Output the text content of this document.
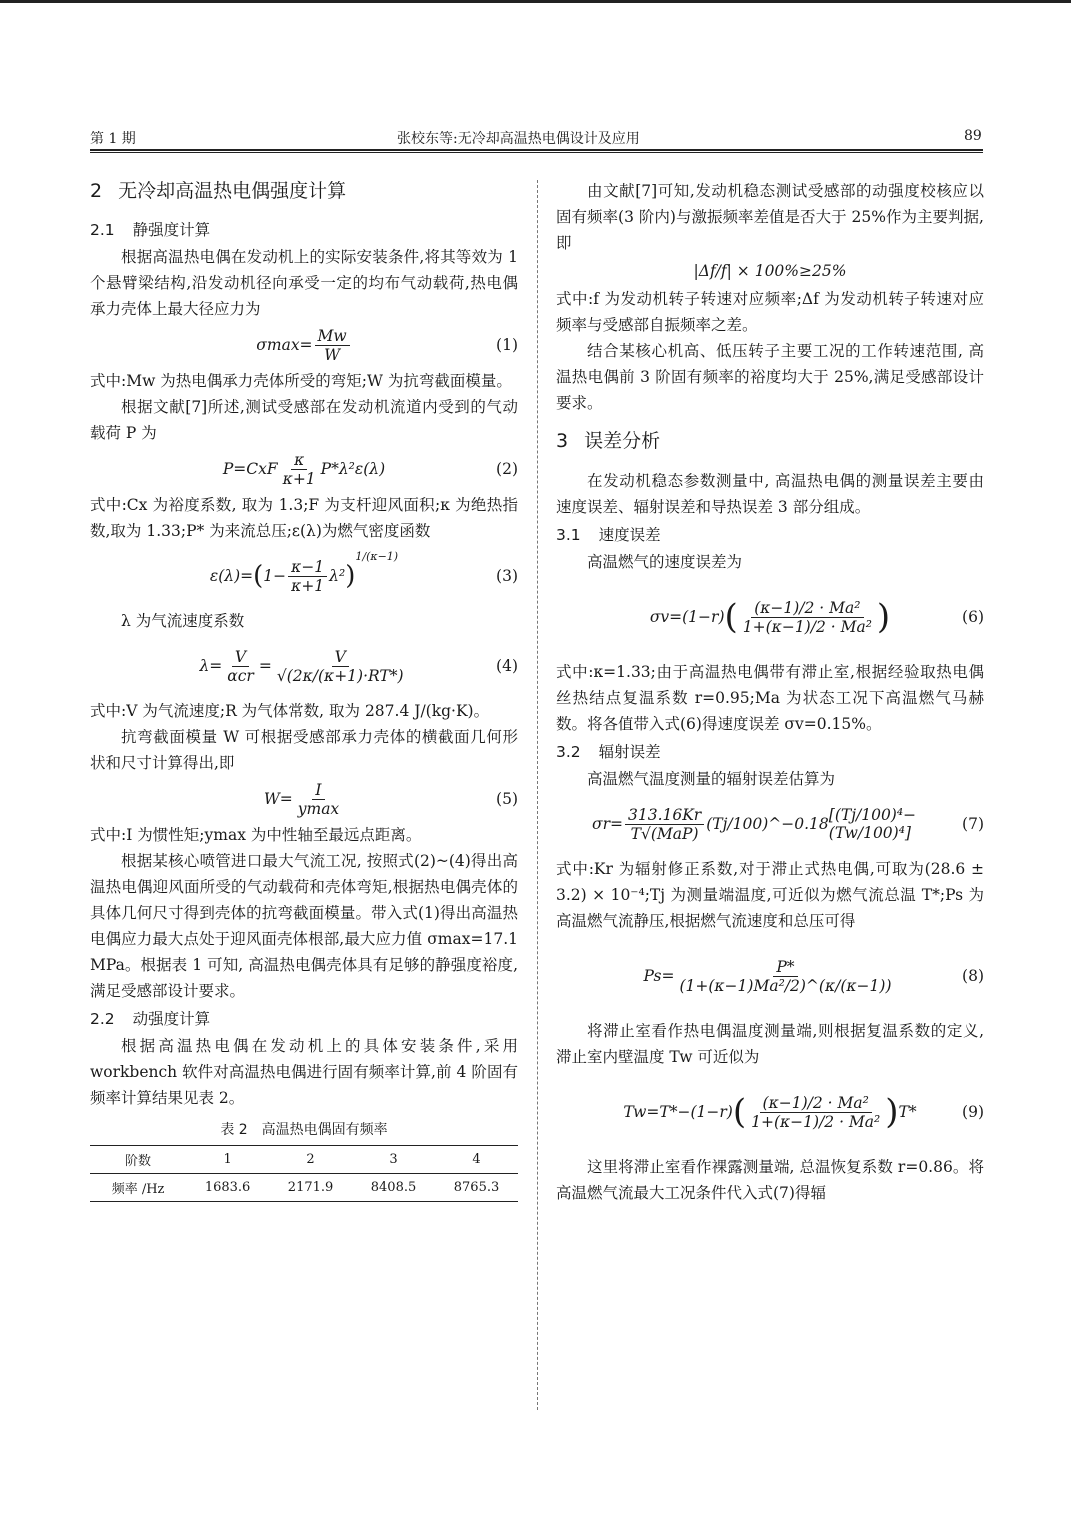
第 1 期	张校东等:无冷却高温热电偶设计及应用	89
2 无冷却高温热电偶强度计算
2.1 静强度计算

根据高温热电偶在发动机上的实际安装条件,将其等效为 1 个悬臂梁结构,沿发动机径向承受一定的均布气动载荷,热电偶承力壳体上最大径应力为

$\sigma\max= \frac{Mw}{W}$	(1)

式中:Mw 为热电偶承力壳体所受的弯矩;W 为抗弯截面模量。

根据文献[7]所述,测试受感部在发动机流道内受到的气动载荷 P 为

$P=CxF \frac{\kappa}{\kappa+1} P*\lambda^2\varepsilon(\lambda)$	(2)

式中:Cx 为裕度系数, 取为 1.3;F 为支杆迎风面积;κ 为绝热指数,取为 1.33;P* 为来流总压;ε(λ)为燃气密度函数

ε(λ)= ( $1- \frac{\kappa-1}{\kappa+1} \lambda^2$ )
$^{1/(\kappa-1)}$
(3)

λ 为气流速度系数

$\lambda= \frac{V}{\text{αcr}} = \frac{V}{√(2\kappa/(\kappa+1)\cdot RT*)}$	(4)

式中:V 为气流速度;R 为气体常数, 取为 287.4 J/(kg·K)。

抗弯截面模量 W 可根据受感部承力壳体的横截面几何形状和尺寸计算得出,即

$W= \frac{I}{ymax}$	(5)

式中:I 为惯性矩;ymax 为中性轴至最远点距离。

根据某核心喷管进口最大气流工况, 按照式(2)~(4)得出高温热电偶迎风面所受的气动载荷和壳体弯矩,根据热电偶壳体的具体几何尺寸得到壳体的抗弯截面模量。带入式(1)得出高温热电偶应力最大点处于迎风面壳体根部,最大应力值 σmax=17.1 MPa。根据表 1 可知, 高温热电偶壳体具有足够的静强度裕度,满足受感部设计要求。

2.2 动强度计算

根据高温热电偶在发动机上的具体安装条件,采用 workbench 软件对高温热电偶进行固有频率计算,前 4 阶固有频率计算结果见表 2。

表 2　高温热电偶固有频率
阶数	1	2	3	4
频率 /Hz	1683.6	2171.9	8408.5	8765.3

由文献[7]可知,发动机稳态测试受感部的动强度校核应以固有频率(3 阶内)与激振频率差值是否大于 25%作为主要判据,即

|Δf/f| × 100%≥25%

式中:f 为发动机转子转速对应频率;Δf 为发动机转子转速对应频率与受感部自振频率之差。

结合某核心机高、低压转子主要工况的工作转速范围, 高温热电偶前 3 阶固有频率的裕度均大于 25%,满足受感部设计要求。

3 误差分析

在发动机稳态参数测量中, 高温热电偶的测量误差主要由速度误差、辐射误差和导热误差 3 部分组成。

3.1 速度误差

高温燃气的速度误差为

σv=(1−r) ( $\frac{\text{(κ−1)/2 · Ma²}}{\text{1+(κ−1)/2 · Ma²}}$ )	(6)

式中:κ=1.33;由于高温热电偶带有滞止室,根据经验取热电偶丝热结点复温系数 r=0.95;Ma 为状态工况下高温燃气马赫数。将各值带入式(6)得速度误差 σv=0.15%。

3.2 辐射误差

高温燃气温度测量的辐射误差估算为

$\sigma r= \frac{313.16Kr}{\text{T√(MaP)}}$ (Tj/100)^−0.18 [(Tj/100)⁴−(Tw/100)⁴]	(7)

式中:Kr 为辐射修正系数,对于滞止式热电偶,可取为(28.6 ± 3.2) × 10⁻⁴;Tj 为测量端温度,可近似为燃气流总温 T*;Ps 为高温燃气流静压,根据燃气流速度和总压可得

$Ps= \frac{P*}{\text{(1+(κ−1)Ma²/2)\textasciicircum{}(κ/(κ−1))}}$	(8)

将滞止室看作热电偶温度测量端,则根据复温系数的定义,滞止室内壁温度 Tw 可近似为

Tw=T*−(1−r) ( $\frac{\text{(κ−1)/2 · Ma²}}{\text{1+(κ−1)/2 · Ma²}}$ ) T*	(9)

这里将滞止室看作裸露测量端, 总温恢复系数 r=0.86。将高温燃气流最大工况条件代入式(7)得辐
